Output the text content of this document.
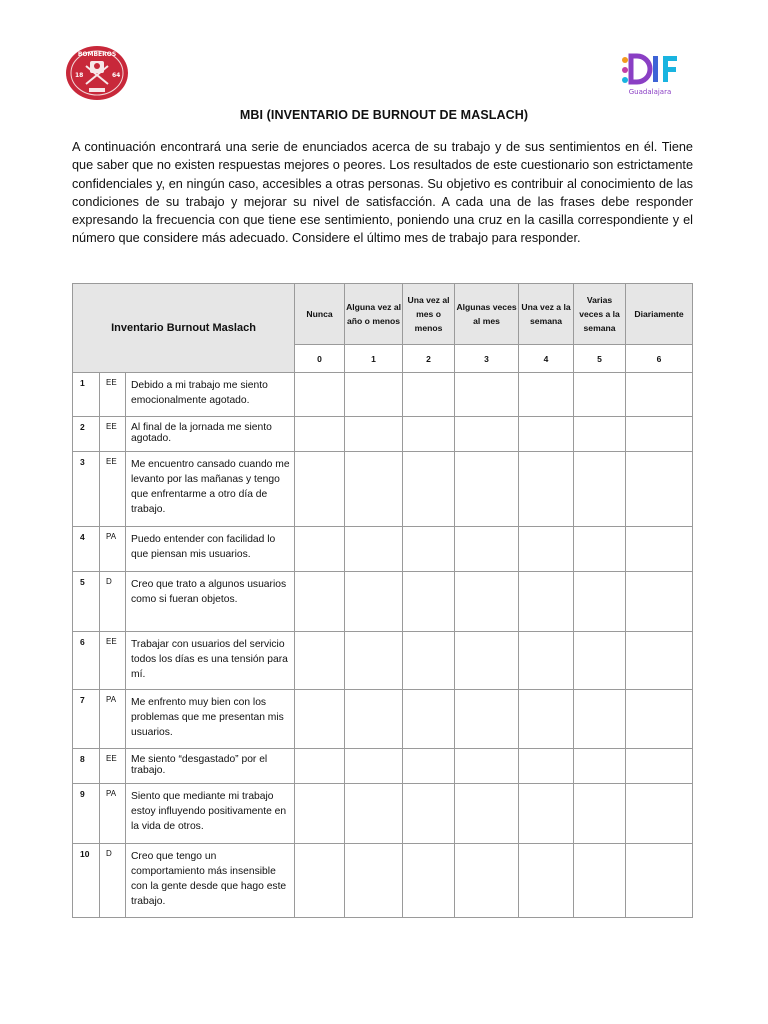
BOMBEROS
18	64
Guadalajara
MBI (INVENTARIO DE BURNOUT DE MASLACH)
A continuación encontrará una serie de enunciados acerca de su trabajo y de sus sentimientos en él. Tiene que saber que no existen respuestas mejores o peores. Los resultados de este cuestionario son estrictamente confidenciales y, en ningún caso, accesibles a otras personas. Su objetivo es contribuir al conocimiento de las condiciones de su trabajo y mejorar su nivel de satisfacción. A cada una de las frases debe responder expresando la frecuencia con que tiene ese sentimiento, poniendo una cruz en la casilla correspondiente y el número que considere más adecuado. Considere el último mes de trabajo para responder.
Inventario Burnout Maslach			Nunca	Alguna vez al año o menos	Una vez al mes o menos	Algunas veces al mes	Una vez a la semana	Varias veces a la semana	Diariamente
			0	1	2	3	4	5	6
1	EE	Debido a mi trabajo me siento emocionalmente agotado.							
2	EE	Al final de la jornada me siento agotado.							
3	EE	Me encuentro cansado cuando me levanto por las mañanas y tengo que enfrentarme a otro día de trabajo.							
4	PA	Puedo entender con facilidad lo que piensan mis usuarios.							
5	D	Creo que trato a algunos usuarios como si fueran objetos.							
6	EE	Trabajar con usuarios del servicio todos los días es una tensión para mí.							
7	PA	Me enfrento muy bien con los problemas que me presentan mis usuarios.							
8	EE	Me siento “desgastado” por el trabajo.							
9	PA	Siento que mediante mi trabajo estoy influyendo positivamente en la vida de otros.							
10	D	Creo que tengo un comportamiento más insensible con la gente desde que hago este trabajo.							
